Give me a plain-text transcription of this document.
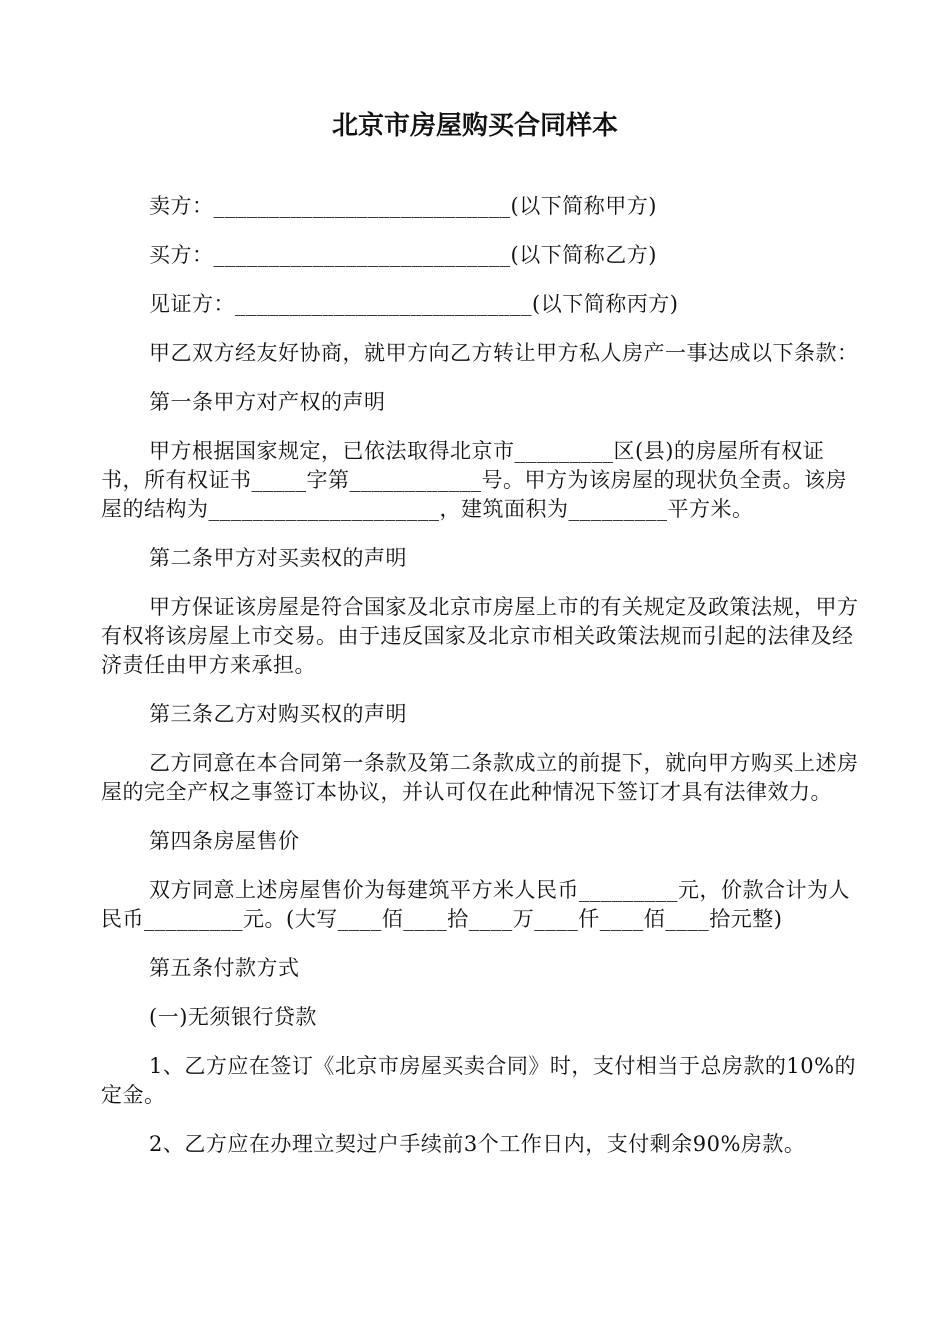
北京市房屋购买合同样本

卖方：___________________________(以下简称甲方)

买方：___________________________(以下简称乙方)

见证方：___________________________(以下简称丙方)

甲乙双方经友好协商，就甲方向乙方转让甲方私人房产一事达成以下条款：

第一条甲方对产权的声明

甲方根据国家规定，已依法取得北京市_________区(县)的房屋所有权证书，所有权证书_____字第____________号。甲方为该房屋的现状负全责。该房屋的结构为_____________________，建筑面积为_________平方米。

第二条甲方对买卖权的声明

甲方保证该房屋是符合国家及北京市房屋上市的有关规定及政策法规，甲方有权将该房屋上市交易。由于违反国家及北京市相关政策法规而引起的法律及经济责任由甲方来承担。

第三条乙方对购买权的声明

乙方同意在本合同第一条款及第二条款成立的前提下，就向甲方购买上述房屋的完全产权之事签订本协议，并认可仅在此种情况下签订才具有法律效力。

第四条房屋售价

双方同意上述房屋售价为每建筑平方米人民币_________元，价款合计为人民币_________元。(大写____佰____拾____万____仟____佰____拾元整)

第五条付款方式

(一)无须银行贷款

1、乙方应在签订《北京市房屋买卖合同》时，支付相当于总房款的10%的定金。

2、乙方应在办理立契过户手续前3个工作日内，支付剩余90%房款。
